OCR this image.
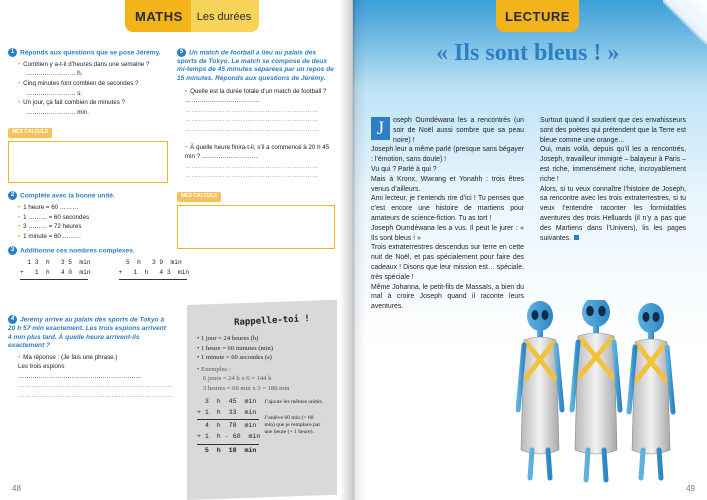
MATHS	Les durées
1 Réponds aux questions que se pose Jérémy.
• Combien y a-t-il d’heures dans une semaine ?
…………………… h.
• Cinq minutes font combien de secondes ?
…………………… s.
• Un jour, ça fait combien de minutes ?
…………………… min.
MES CALCULS
2 Complète avec la bonne unité.
• 1 heure = 60 ………
• 1 ……… = 60 secondes
• 3 ……… = 72 heures
• 1 minute = 60 ………
3 Additionne ces nombres complexes.
1 3  h   3 5  min
+   1  h   4 0  min
5  h   3 9  min
+   1  h   4 3  min
4 Jérémy arrive au palais des sports de Tokyo à 20 h 57 min exactement. Les trois espions arrivent 4 min plus tard. À quelle heure arrivent-ils exactement ?
• Ma réponse : (Je fais une phrase.)
Les trois espions ……………………………………………………
……………………………………………………………
……………………………………………………………
5 Un match de football a lieu au palais des sports de Tokyo. Le match se compose de deux mi-temps de 45 minutes séparées par un repos de 15 minutes. Réponds aux questions de Jérémy.
• Quelle est la durée totale d’un match de football ? ………………………………
……………………………………………………
……………………………………………………
……………………………………………………
• À quelle heure finira-t-il, s’il a commencé à 20 h 45 min ? ………………………
……………………………………………………
……………………………………………………
MES CALCULS
Rappelle-toi !
• 1 jour = 24 heures (h)
• 1 heure = 60 minutes (min)
• 1 minute = 60 secondes (s)
• Exemples :
6 jours = 24 h x 6 = 144 h
3 heures = 60 min x 3 = 180 min
3  h  45  min
+ 1  h  33  min
4  h  78  min
+ 1  h - 60  min
5  h  18  min
J’ajoute les mêmes unités.
J’enlève 60 min (= 60 min) que je remplace par une heure (+ 1 heure).
48
LECTURE
« Ils sont bleus ! »

J	oseph Oumdéwana les a rencontrés (un soir de Noël aussi sombre que sa peau noire) !

Joseph leur a même parlé (presque sans bégayer : l’émotion, sans doute) !

Vu qui ? Parlé à qui ?

Mais à Kronx, Wwrang et Yonahh : trois êtres venus d’ailleurs.

Ami lecteur, je t’entends rire d’ici ! Tu penses que c’est encore une histoire de martiens pour amateurs de science-fiction. Tu as tort !

Joseph Oumdéwana les a vus. Il peut le jurer : « Ils sont bleus ! »

Trois extraterrestres descendus sur terre en cette nuit de Noël, et pas spécialement pour faire des cadeaux ! Disons que leur mission est… spéciale, très spéciale !

Même Johanna, le petit-fils de Massaïs, a bien du mal à croire Joseph quand il raconte leurs aventures.

Surtout quand il soutient que ces envahisseurs sont des poètes qui prétendent que la Terre est bleue comme une orange…

Oui, mais voilà, depuis qu’il les a rencontrés, Joseph, travailleur immigré – balayeur à Paris – est riche, immensément riche, incroyablement riche !

Alors, si tu veux connaître l’histoire de Joseph, sa rencontre avec les trois extraterrestres, si tu veux l’entendre raconter les formidables aventures des trois Helluards (il n’y a pas que des Martiens dans l’Univers), lis les pages suivantes.

49
